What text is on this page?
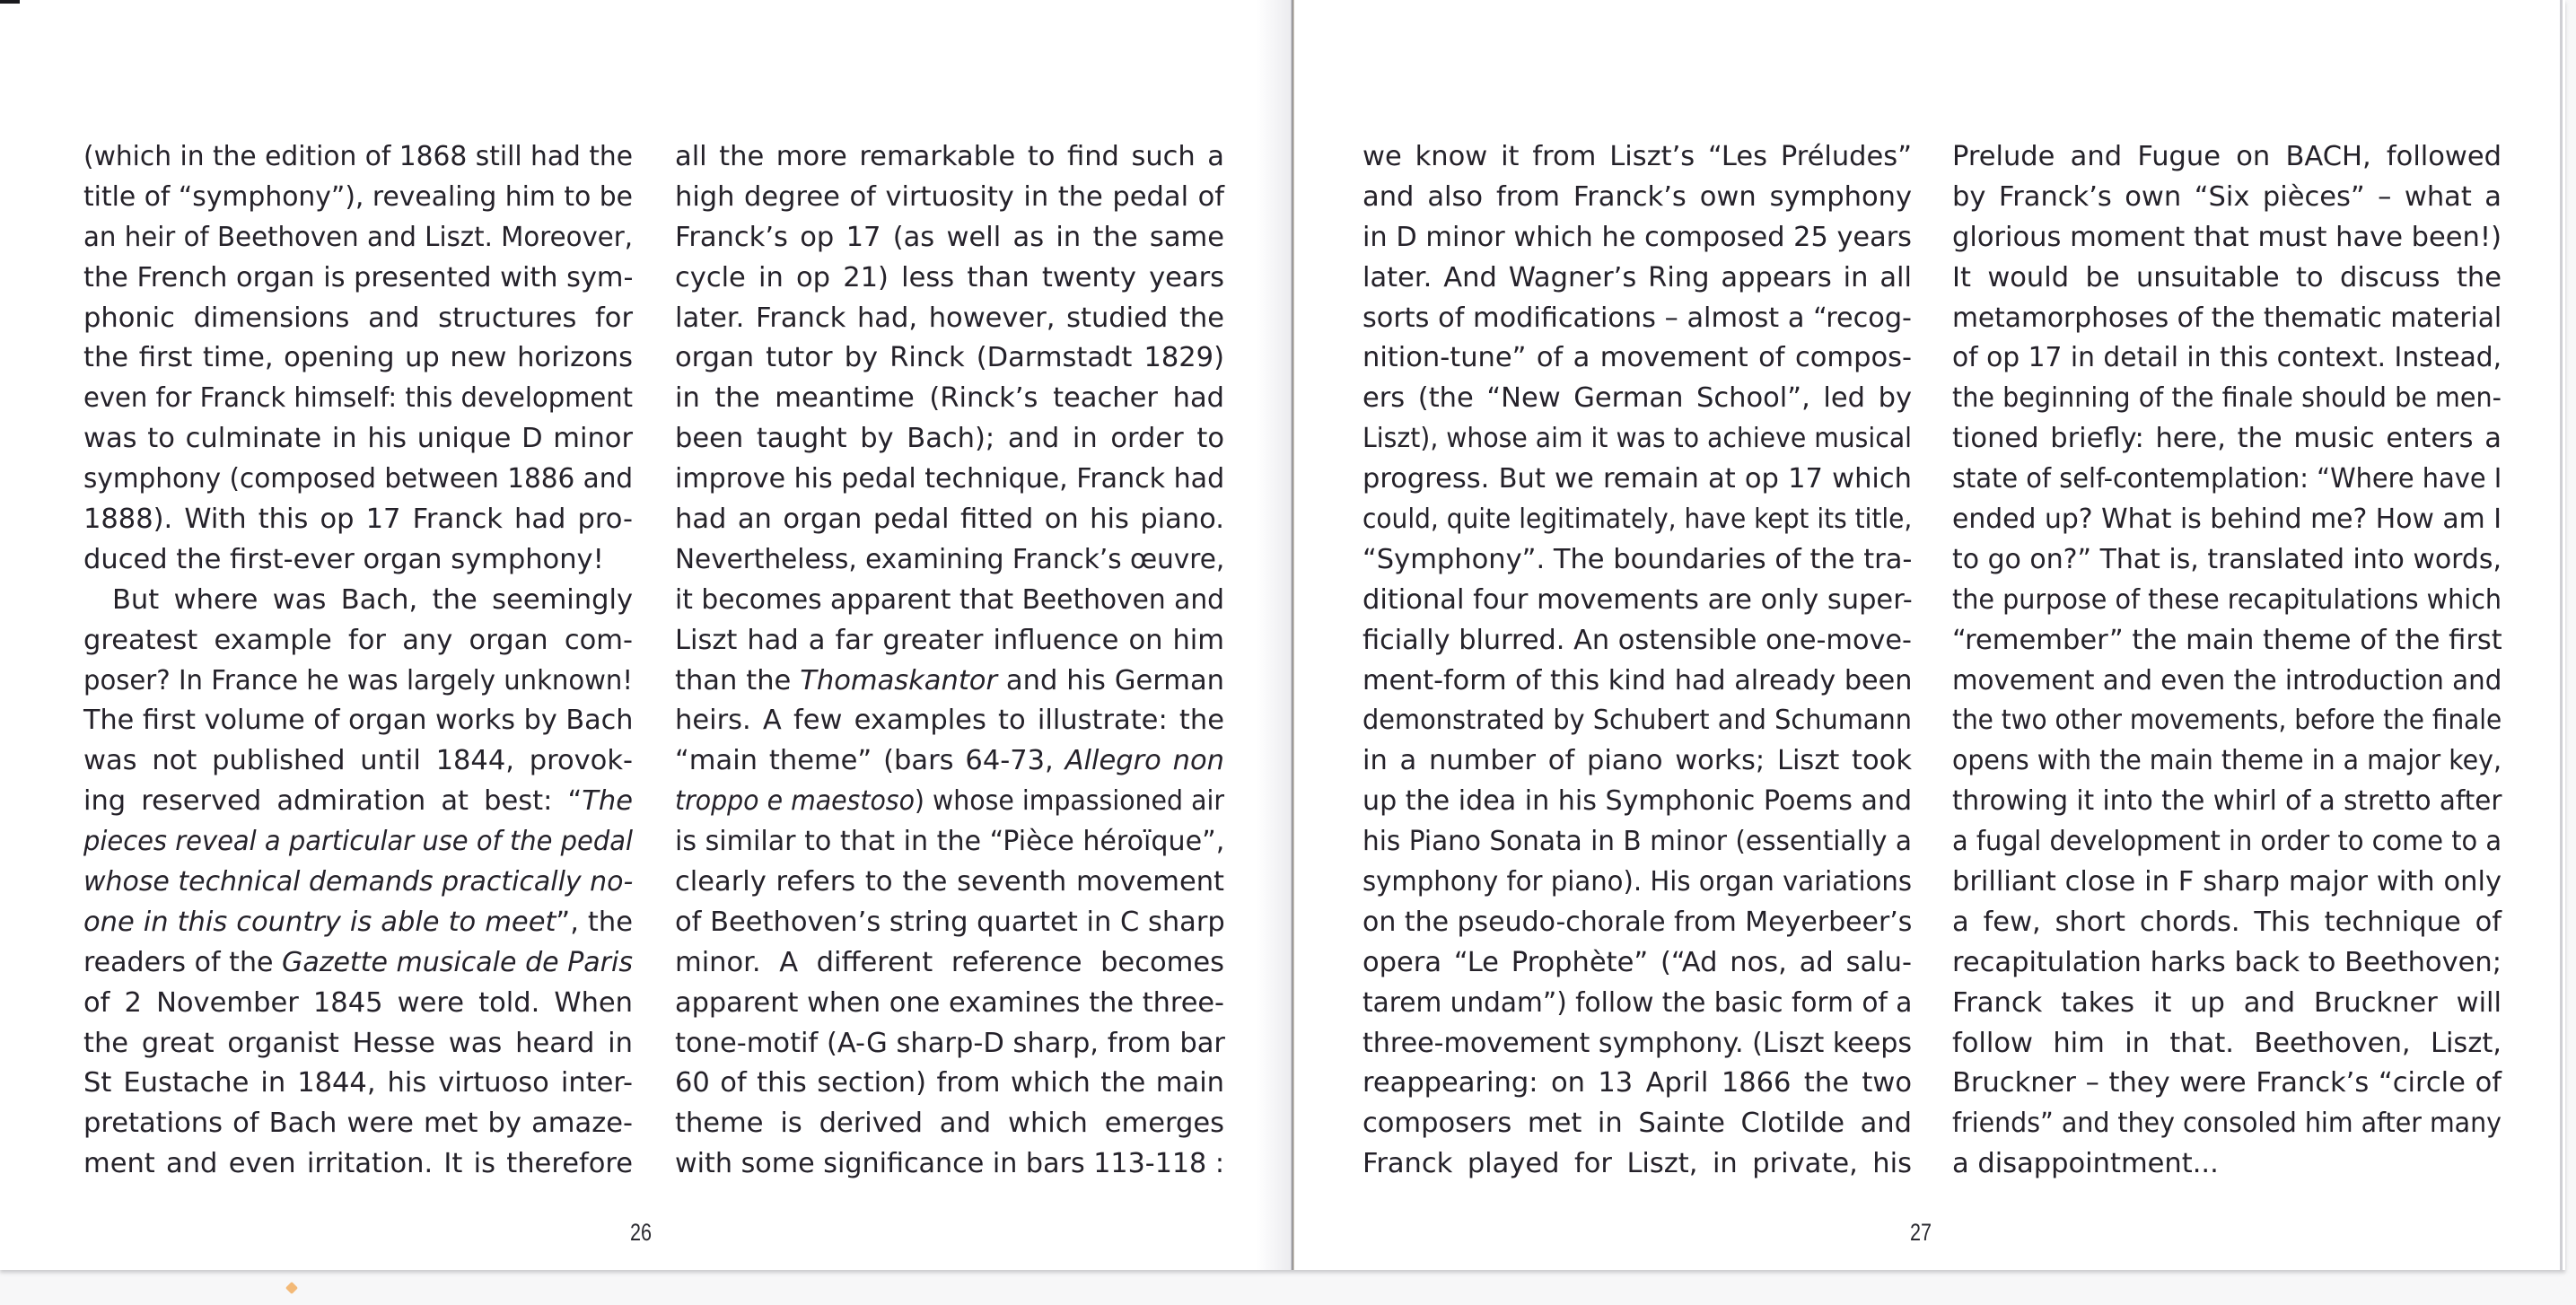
(which in the edition of 1868 still had the
title of “symphony”), revealing him to be
an heir of Beethoven and Liszt. Moreover,
the French organ is presented with sym-
phonic dimensions and structures for
the first time, opening up new horizons
even for Franck himself: this development
was to culminate in his unique D minor
symphony (composed between 1886 and
1888). With this op 17 Franck had pro-
duced the first-ever organ symphony!
But where was Bach, the seemingly
greatest example for any organ com-
poser? In France he was largely unknown!
The first volume of organ works by Bach
was not published until 1844, provok-
ing reserved admiration at best: “The
pieces reveal a particular use of the pedal
whose technical demands practically no-
one in this country is able to meet”, the
readers of the Gazette musicale de Paris
of 2 November 1845 were told. When
the great organist Hesse was heard in
St Eustache in 1844, his virtuoso inter-
pretations of Bach were met by amaze-
ment and even irritation. It is therefore
all the more remarkable to find such a
high degree of virtuosity in the pedal of
Franck’s op 17 (as well as in the same
cycle in op 21) less than twenty years
later. Franck had, however, studied the
organ tutor by Rinck (Darmstadt 1829)
in the meantime (Rinck’s teacher had
been taught by Bach); and in order to
improve his pedal technique, Franck had
had an organ pedal fitted on his piano.
Nevertheless, examining Franck’s œuvre,
it becomes apparent that Beethoven and
Liszt had a far greater influence on him
than the Thomaskantor and his German
heirs. A few examples to illustrate: the
“main theme” (bars 64-73, Allegro non
troppo e maestoso) whose impassioned air
is similar to that in the “Pièce héroïque”,
clearly refers to the seventh movement
of Beethoven’s string quartet in C sharp
minor. A different reference becomes
apparent when one examines the three-
tone-motif (A-G sharp-D sharp, from bar
60 of this section) from which the main
theme is derived and which emerges
with some significance in bars 113-118 :
we know it from Liszt’s “Les Préludes”
and also from Franck’s own symphony
in D minor which he composed 25 years
later. And Wagner’s Ring appears in all
sorts of modifications – almost a “recog-
nition-tune” of a movement of compos-
ers (the “New German School”, led by
Liszt), whose aim it was to achieve musical
progress. But we remain at op 17 which
could, quite legitimately, have kept its title,
“Symphony”. The boundaries of the tra-
ditional four movements are only super-
ficially blurred. An ostensible one-move-
ment-form of this kind had already been
demonstrated by Schubert and Schumann
in a number of piano works; Liszt took
up the idea in his Symphonic Poems and
his Piano Sonata in B minor (essentially a
symphony for piano). His organ variations
on the pseudo-chorale from Meyerbeer’s
opera “Le Prophète” (“Ad nos, ad salu-
tarem undam”) follow the basic form of a
three-movement symphony. (Liszt keeps
reappearing: on 13 April 1866 the two
composers met in Sainte Clotilde and
Franck played for Liszt, in private, his
Prelude and Fugue on BACH, followed
by Franck’s own “Six pièces” – what a
glorious moment that must have been!)
It would be unsuitable to discuss the
metamorphoses of the thematic material
of op 17 in detail in this context. Instead,
the beginning of the finale should be men-
tioned briefly: here, the music enters a
state of self-contemplation: “Where have I
ended up? What is behind me? How am I
to go on?” That is, translated into words,
the purpose of these recapitulations which
“remember” the main theme of the first
movement and even the introduction and
the two other movements, before the finale
opens with the main theme in a major key,
throwing it into the whirl of a stretto after
a fugal development in order to come to a
brilliant close in F sharp major with only
a few, short chords. This technique of
recapitulation harks back to Beethoven;
Franck takes it up and Bruckner will
follow him in that. Beethoven, Liszt,
Bruckner – they were Franck’s “circle of
friends” and they consoled him after many
a disappointment...
26	27
